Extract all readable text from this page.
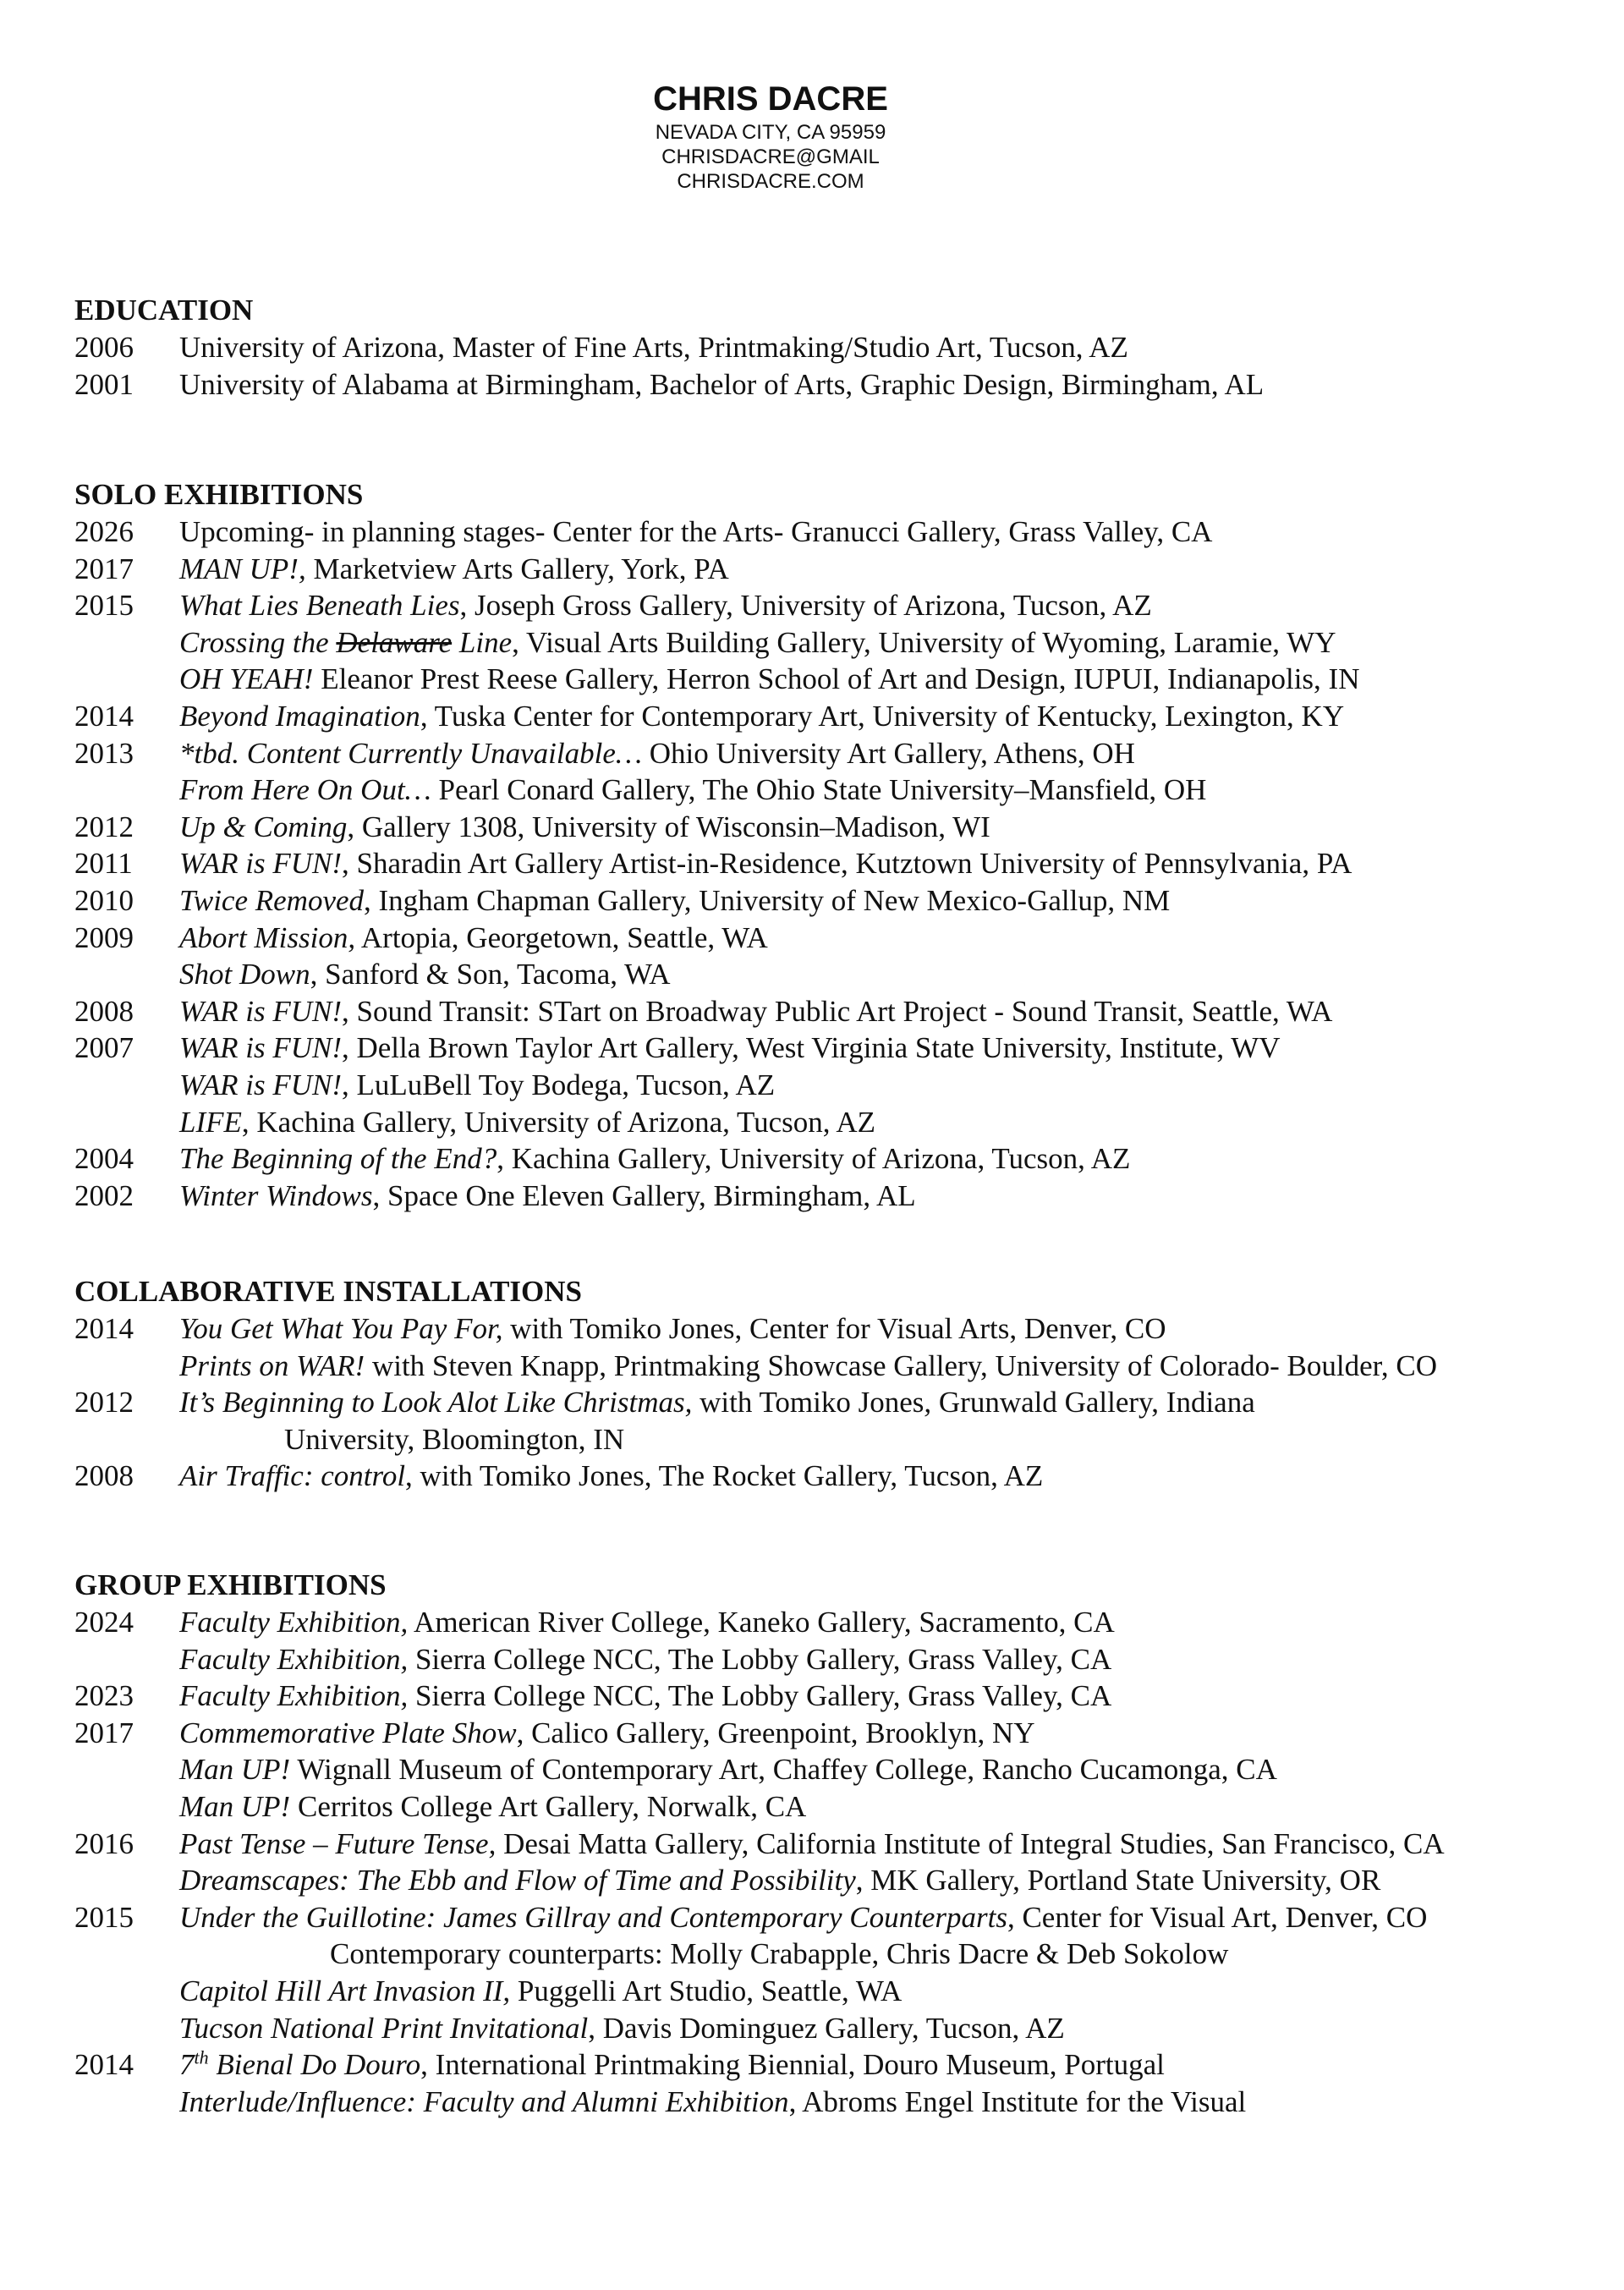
CHRIS DACRE
NEVADA CITY, CA 95959
CHRISDACRE@GMAIL
CHRISDACRE.COM
EDUCATION
2006 University of Arizona, Master of Fine Arts, Printmaking/Studio Art, Tucson, AZ
2001 University of Alabama at Birmingham, Bachelor of Arts, Graphic Design, Birmingham, AL
SOLO EXHIBITIONS
2026 Upcoming- in planning stages- Center for the Arts- Granucci Gallery, Grass Valley, CA
2017 MAN UP!, Marketview Arts Gallery, York, PA
2015 What Lies Beneath Lies, Joseph Gross Gallery, University of Arizona, Tucson, AZ
Crossing the Delaware Line, Visual Arts Building Gallery, University of Wyoming, Laramie, WY
OH YEAH! Eleanor Prest Reese Gallery, Herron School of Art and Design, IUPUI, Indianapolis, IN
2014 Beyond Imagination, Tuska Center for Contemporary Art, University of Kentucky, Lexington, KY
2013 *tbd. Content Currently Unavailable… Ohio University Art Gallery, Athens, OH
From Here On Out… Pearl Conard Gallery, The Ohio State University–Mansfield, OH
2012 Up & Coming, Gallery 1308, University of Wisconsin–Madison, WI
2011 WAR is FUN!, Sharadin Art Gallery Artist-in-Residence, Kutztown University of Pennsylvania, PA
2010 Twice Removed, Ingham Chapman Gallery, University of New Mexico-Gallup, NM
2009 Abort Mission, Artopia, Georgetown, Seattle, WA
Shot Down, Sanford & Son, Tacoma, WA
2008 WAR is FUN!, Sound Transit: STart on Broadway Public Art Project - Sound Transit, Seattle, WA
2007 WAR is FUN!, Della Brown Taylor Art Gallery, West Virginia State University, Institute, WV
WAR is FUN!, LuLuBell Toy Bodega, Tucson, AZ
LIFE, Kachina Gallery, University of Arizona, Tucson, AZ
2004 The Beginning of the End?, Kachina Gallery, University of Arizona, Tucson, AZ
2002 Winter Windows, Space One Eleven Gallery, Birmingham, AL
COLLABORATIVE INSTALLATIONS
2014 You Get What You Pay For, with Tomiko Jones, Center for Visual Arts, Denver, CO
Prints on WAR! with Steven Knapp, Printmaking Showcase Gallery, University of Colorado- Boulder, CO
2012 It’s Beginning to Look Alot Like Christmas, with Tomiko Jones, Grunwald Gallery, Indiana
University, Bloomington, IN
2008 Air Traffic: control, with Tomiko Jones, The Rocket Gallery, Tucson, AZ
GROUP EXHIBITIONS
2024 Faculty Exhibition, American River College, Kaneko Gallery, Sacramento, CA
Faculty Exhibition, Sierra College NCC, The Lobby Gallery, Grass Valley, CA
2023 Faculty Exhibition, Sierra College NCC, The Lobby Gallery, Grass Valley, CA
2017 Commemorative Plate Show, Calico Gallery, Greenpoint, Brooklyn, NY
Man UP! Wignall Museum of Contemporary Art, Chaffey College, Rancho Cucamonga, CA
Man UP! Cerritos College Art Gallery, Norwalk, CA
2016 Past Tense – Future Tense, Desai Matta Gallery, California Institute of Integral Studies, San Francisco, CA
Dreamscapes: The Ebb and Flow of Time and Possibility, MK Gallery, Portland State University, OR
2015 Under the Guillotine: James Gillray and Contemporary Counterparts, Center for Visual Art, Denver, CO
Contemporary counterparts: Molly Crabapple, Chris Dacre & Deb Sokolow
Capitol Hill Art Invasion II, Puggelli Art Studio, Seattle, WA
Tucson National Print Invitational, Davis Dominguez Gallery, Tucson, AZ
2014 7th Bienal Do Douro, International Printmaking Biennial, Douro Museum, Portugal
Interlude/Influence: Faculty and Alumni Exhibition, Abroms Engel Institute for the Visual
